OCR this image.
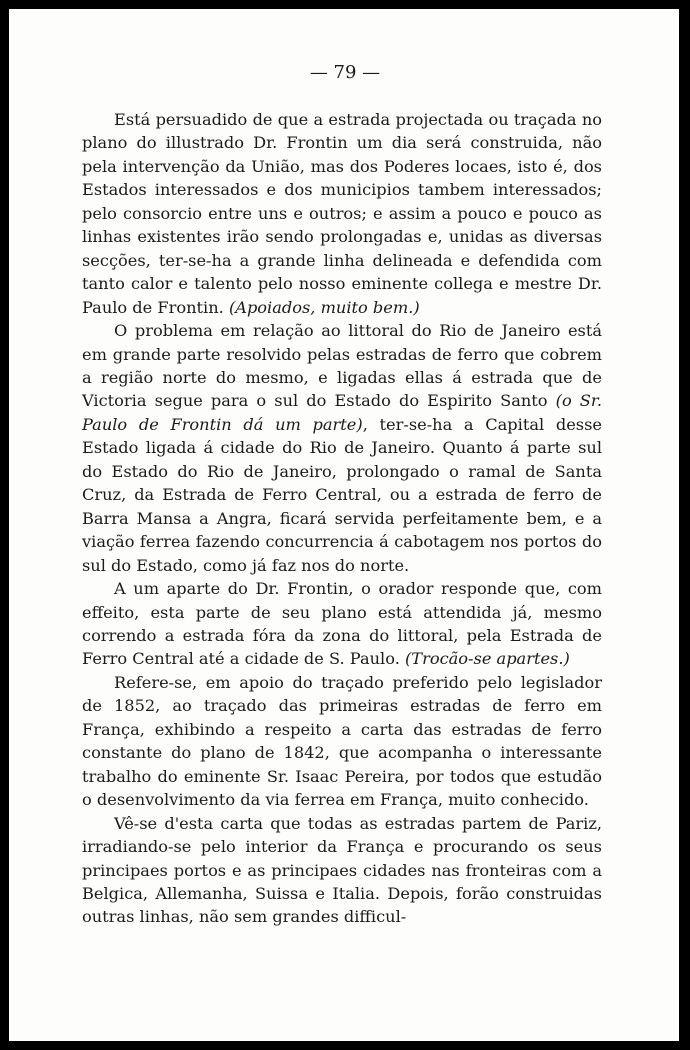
— 79 —

Está persuadido de que a estrada projectada ou traçada no plano do illustrado Dr. Frontin um dia será construida, não pela intervenção da União, mas dos Poderes locaes, isto é, dos Estados interessados e dos municipios tambem interessados; pelo consorcio entre uns e outros; e assim a pouco e pouco as linhas existentes irão sendo prolongadas e, unidas as diversas secções, ter-se-ha a grande linha delineada e defendida com tanto calor e talento pelo nosso eminente collega e mestre Dr. Paulo de Frontin. (Apoiados, muito bem.)

O problema em relação ao littoral do Rio de Janeiro está em grande parte resolvido pelas estradas de ferro que cobrem a região norte do mesmo, e ligadas ellas á estrada que de Victoria segue para o sul do Estado do Espirito Santo (o Sr. Paulo de Frontin dá um parte), ter-se-ha a Capital desse Estado ligada á cidade do Rio de Janeiro. Quanto á parte sul do Estado do Rio de Janeiro, prolongado o ramal de Santa Cruz, da Estrada de Ferro Central, ou a estrada de ferro de Barra Mansa a Angra, ficará servida perfeitamente bem, e a viação ferrea fazendo concurrencia á cabotagem nos portos do sul do Estado, como já faz nos do norte.

A um aparte do Dr. Frontin, o orador responde que, com effeito, esta parte de seu plano está attendida já, mesmo correndo a estrada fóra da zona do littoral, pela Estrada de Ferro Central até a cidade de S. Paulo. (Trocão-se apartes.)

Refere-se, em apoio do traçado preferido pelo legislador de 1852, ao traçado das primeiras estradas de ferro em França, exhibindo a respeito a carta das estradas de ferro constante do plano de 1842, que acompanha o interessante trabalho do eminente Sr. Isaac Pereira, por todos que estudão o desenvolvimento da via ferrea em França, muito conhecido.

Vê-se d'esta carta que todas as estradas partem de Pariz, irradiando-se pelo interior da França e procurando os seus principaes portos e as principaes cidades nas fronteiras com a Belgica, Allemanha, Suissa e Italia. Depois, forão construidas outras linhas, não sem grandes difficul-
